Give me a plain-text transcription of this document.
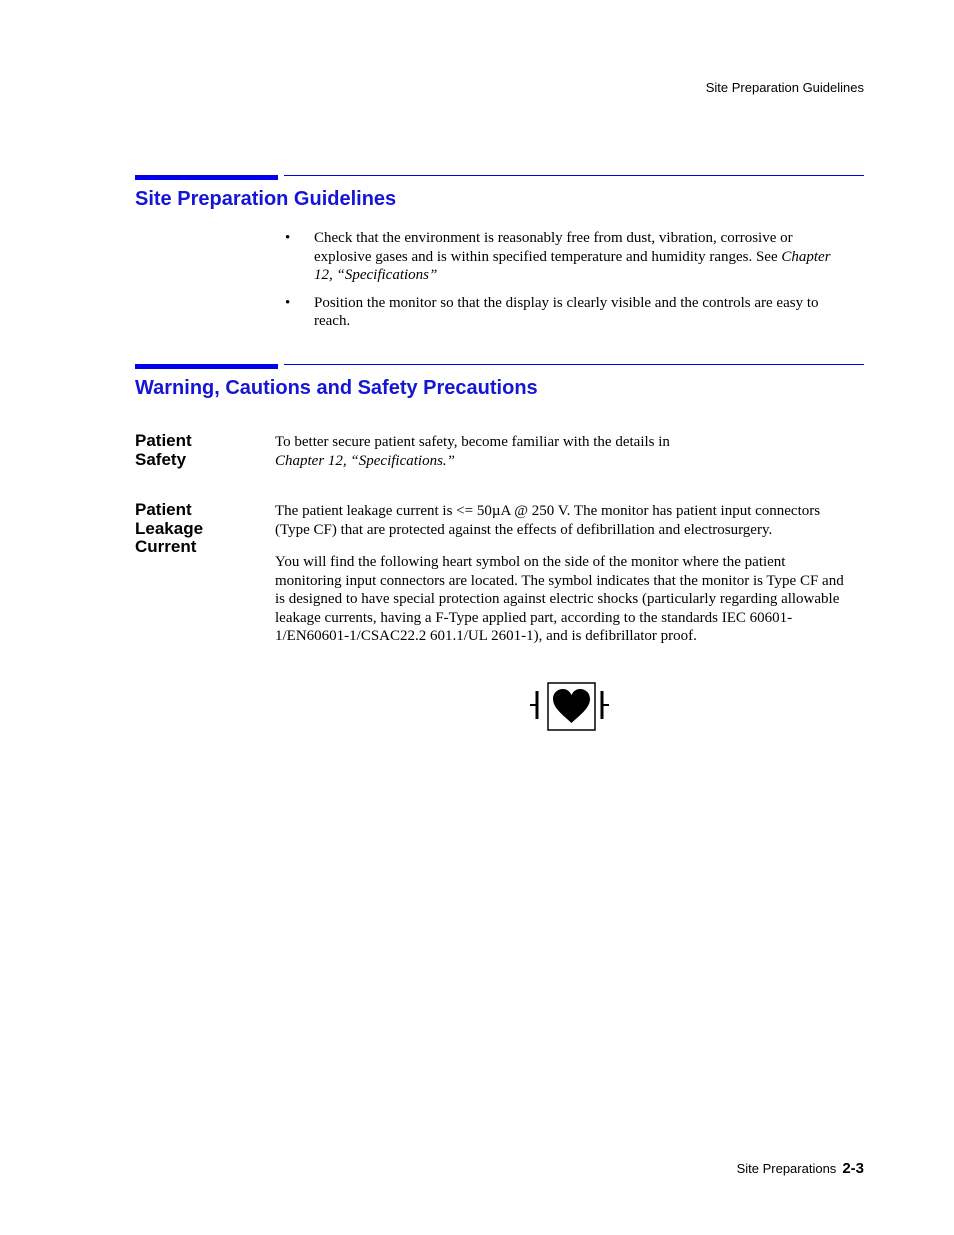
Site Preparation Guidelines
Site Preparation Guidelines
• Check that the environment is reasonably free from dust, vibration, corrosive or explosive gases and is within specified temperature and humidity ranges. See Chapter 12, “Specifications”
• Position the monitor so that the display is clearly visible and the controls are easy to reach.
Warning, Cautions and Safety Precautions
Patient
Safety
To better secure patient safety, become familiar with the details in
Chapter 12, “Specifications.”
Patient
Leakage
Current

The patient leakage current is <= 50µA @ 250 V. The monitor has patient input connectors (Type CF) that are protected against the effects of defibrillation and electrosurgery.

You will find the following heart symbol on the side of the monitor where the patient monitoring input connectors are located. The symbol indicates that the monitor is Type CF and is designed to have special protection against electric shocks (particularly regarding allowable leakage currents, having a F-Type applied part, according to the standards IEC 60601-1/EN60601-1/CSAC22.2 601.1/UL 2601-1), and is defibrillator proof.

Site Preparations 2-3
